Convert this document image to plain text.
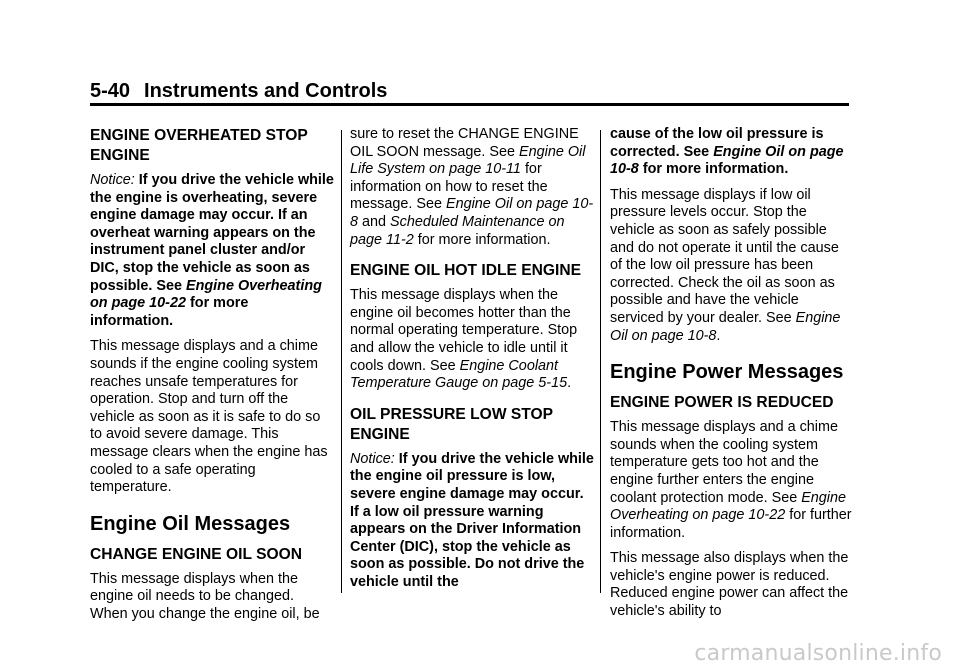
5-40 Instruments and Controls
ENGINE OVERHEATED STOP ENGINE

Notice: If you drive the vehicle while the engine is overheating, severe engine damage may occur. If an overheat warning appears on the instrument panel cluster and/or DIC, stop the vehicle as soon as possible. See Engine Overheating on page 10-22 for more information.

This message displays and a chime sounds if the engine cooling system reaches unsafe temperatures for operation. Stop and turn off the vehicle as soon as it is safe to do so to avoid severe damage. This message clears when the engine has cooled to a safe operating temperature.

Engine Oil Messages
CHANGE ENGINE OIL SOON

This message displays when the engine oil needs to be changed. When you change the engine oil, be

sure to reset the CHANGE ENGINE OIL SOON message. See Engine Oil Life System on page 10-11 for information on how to reset the message. See Engine Oil on page 10-8 and Scheduled Maintenance on page 11-2 for more information.

ENGINE OIL HOT IDLE ENGINE

This message displays when the engine oil becomes hotter than the normal operating temperature. Stop and allow the vehicle to idle until it cools down. See Engine Coolant Temperature Gauge on page 5-15.

OIL PRESSURE LOW STOP ENGINE

Notice: If you drive the vehicle while the engine oil pressure is low, severe engine damage may occur. If a low oil pressure warning appears on the Driver Information Center (DIC), stop the vehicle as soon as possible. Do not drive the vehicle until the

cause of the low oil pressure is corrected. See Engine Oil on page 10-8 for more information.

This message displays if low oil pressure levels occur. Stop the vehicle as soon as safely possible and do not operate it until the cause of the low oil pressure has been corrected. Check the oil as soon as possible and have the vehicle serviced by your dealer. See Engine Oil on page 10-8.

Engine Power Messages
ENGINE POWER IS REDUCED

This message displays and a chime sounds when the cooling system temperature gets too hot and the engine further enters the engine coolant protection mode. See Engine Overheating on page 10-22 for further information.

This message also displays when the vehicle's engine power is reduced. Reduced engine power can affect the vehicle's ability to

carmanualsonline.info
